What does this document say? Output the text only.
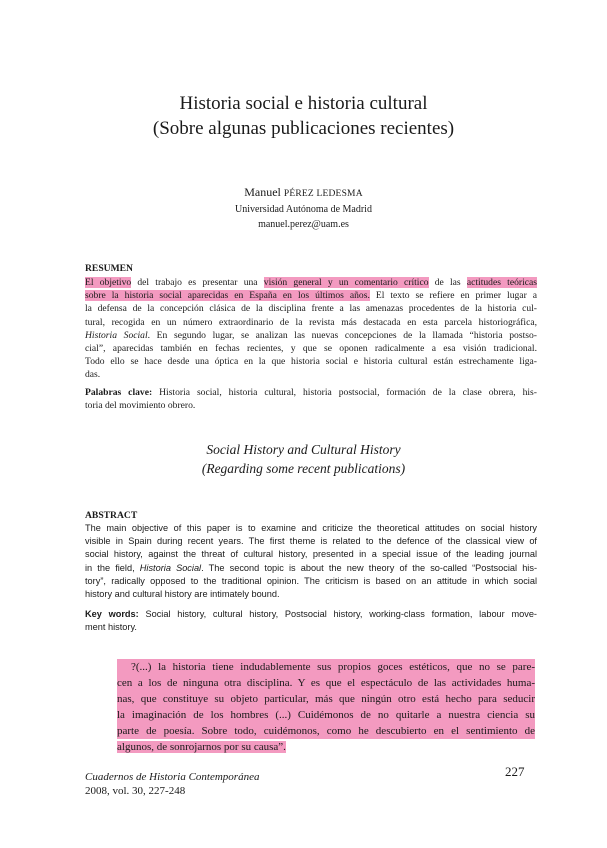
Historia social e historia cultural
(Sobre algunas publicaciones recientes)
Manuel PÉREZ LEDESMA
Universidad Autónoma de Madrid
manuel.perez@uam.es
RESUMEN
El objetivo del trabajo es presentar una visión general y un comentario crítico de las actitudes teóricas
sobre la historia social aparecidas en España en los últimos años. El texto se refiere en primer lugar a
la defensa de la concepción clásica de la disciplina frente a las amenazas procedentes de la historia cul-
tural, recogida en un número extraordinario de la revista más destacada en esta parcela historiográfica,
Historia Social. En segundo lugar, se analizan las nuevas concepciones de la llamada “historia postso-
cial”, aparecidas también en fechas recientes, y que se oponen radicalmente a esa visión tradicional.
Todo ello se hace desde una óptica en la que historia social e historia cultural están estrechamente liga-
das.
Palabras clave: Historia social, historia cultural, historia postsocial, formación de la clase obrera, his-
toria del movimiento obrero.
Social History and Cultural History
(Regarding some recent publications)
ABSTRACT
The main objective of this paper is to examine and criticize the theoretical attitudes on social history
visible in Spain during recent years. The first theme is related to the defence of the classical view of
social history, against the threat of cultural history, presented in a special issue of the leading journal
in the field, Historia Social. The second topic is about the new theory of the so-called “Postsocial his-
tory”, radically opposed to the traditional opinion. The criticism is based on an attitude in which social
history and cultural history are intimately bound.
Key words: Social history, cultural history, Postsocial history, working-class formation, labour move-
ment history.
?(...) la historia tiene indudablemente sus propios goces estéticos, que no se pare-
cen a los de ninguna otra disciplina. Y es que el espectáculo de las actividades huma-
nas, que constituye su objeto particular, más que ningún otro está hecho para seducir
la imaginación de los hombres (...) Cuidémonos de no quitarle a nuestra ciencia su
parte de poesía. Sobre todo, cuidémonos, como he descubierto en el sentimiento de
algunos, de sonrojarnos por su causa”.
Cuadernos de Historia Contemporánea
2008, vol. 30, 227-248
227
